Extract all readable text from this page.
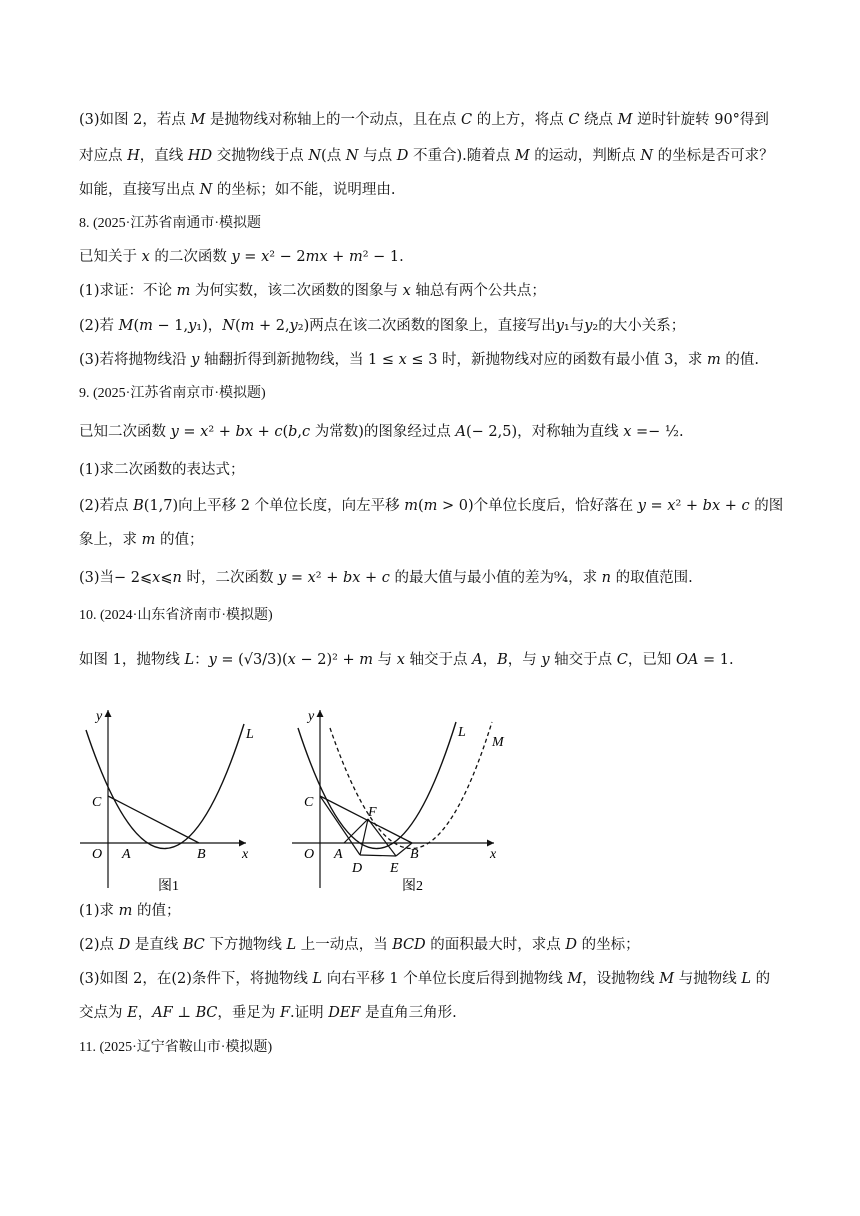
(3)如图 2，若点 𝑀 是抛物线对称轴上的一个动点，且在点 𝐶 的上方，将点 𝐶 绕点 𝑀 逆时针旋转 90°得到
对应点 𝐻，直线 𝐻𝐷 交抛物线于点 𝑁(点 𝑁 与点 𝐷 不重合).随着点 𝑀 的运动，判断点 𝑁 的坐标是否可求？
如能，直接写出点 𝑁 的坐标；如不能，说明理由.
8. (2025·江苏省南通市·模拟题
已知关于 𝑥 的二次函数 𝑦 = 𝑥² − 2𝑚𝑥 + 𝑚² − 1.
(1)求证：不论 𝑚 为何实数，该二次函数的图象与 𝑥 轴总有两个公共点；
(2)若 𝑀(𝑚 − 1,𝑦₁)，𝑁(𝑚 + 2,𝑦₂)两点在该二次函数的图象上，直接写出𝑦₁与𝑦₂的大小关系；
(3)若将抛物线沿 𝑦 轴翻折得到新抛物线，当 1 ≤ 𝑥 ≤ 3 时，新抛物线对应的函数有最小值 3，求 𝑚 的值.
9. (2025·江苏省南京市·模拟题)
已知二次函数 𝑦 = 𝑥² + 𝑏𝑥 + 𝑐(𝑏,𝑐 为常数)的图象经过点 𝐴(− 2,5)，对称轴为直线 𝑥 =− ½.
(1)求二次函数的表达式；
(2)若点 𝐵(1,7)向上平移 2 个单位长度，向左平移 𝑚(𝑚 > 0)个单位长度后，恰好落在 𝑦 = 𝑥² + 𝑏𝑥 + 𝑐 的图
象上，求 𝑚 的值；
(3)当− 2⩽𝑥⩽𝑛 时，二次函数 𝑦 = 𝑥² + 𝑏𝑥 + 𝑐 的最大值与最小值的差为⁹⁄₄，求 𝑛 的取值范围.
10. (2024·山东省济南市·模拟题)
如图 1，抛物线 𝐿：𝑦 = (√3/3)(𝑥 − 2)² + 𝑚 与 𝑥 轴交于点 𝐴，𝐵，与 𝑦 轴交于点 𝐶，已知 𝑂𝐴 = 1.
y
x
O A	B
C
L
图1
y
x
O A	B
C
D E
F
L
M
图2
(1)求 𝑚 的值；
(2)点 𝐷 是直线 𝐵𝐶 下方抛物线 𝐿 上一动点，当 𝐵𝐶𝐷 的面积最大时，求点 𝐷 的坐标；
(3)如图 2，在(2)条件下，将抛物线 𝐿 向右平移 1 个单位长度后得到抛物线 𝑀，设抛物线 𝑀 与抛物线 𝐿 的
交点为 𝐸，𝐴𝐹 ⊥ 𝐵𝐶，垂足为 𝐹.证明 𝐷𝐸𝐹 是直角三角形.
11. (2025·辽宁省鞍山市·模拟题)
